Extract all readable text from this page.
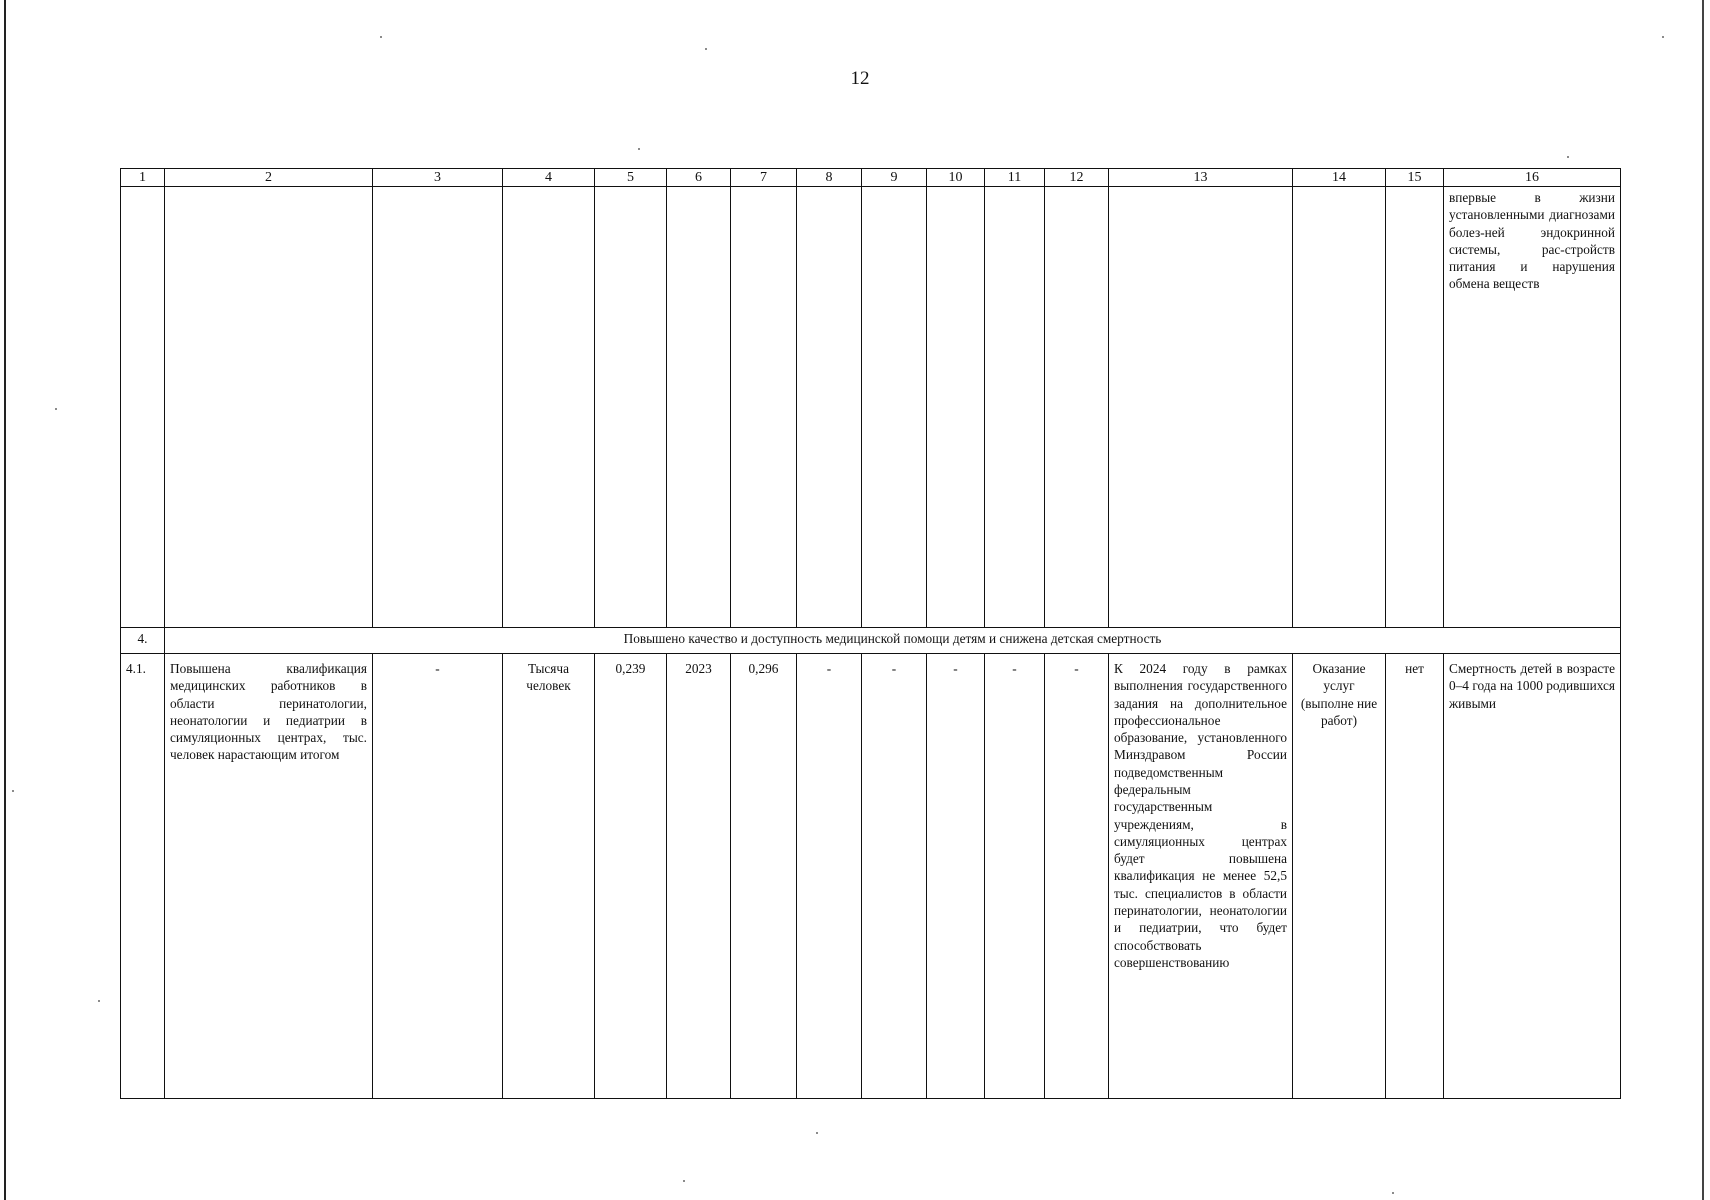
12
1	2	3	4	5	6	7	8	9	10	11	12	13	14	15	16
															впервые в жизни установленными диагнозами болез-ней эндокринной системы, рас-стройств питания и нарушения обмена веществ
4.	Повышено качество и доступность медицинской помощи детям и снижена детская смертность														
4.1.	Повышена квалификация медицинских работников в области перинатологии, неонатологии и педиатрии в симуляционных центрах, тыс. человек нарастающим итогом	-	Тысяча человек	0,239	2023	0,296	-	-	-	-	-	К 2024 году в рамках выполнения государственного задания на дополнительное профессиональное образование, установленного Минздравом России подведомственным федеральным государственным учреждениям, в симуляционных центрах будет повышена квалификация не менее 52,5 тыс. специалистов в области перинатологии, неонатологии и педиатрии, что будет способствовать совершенствованию	Оказание услуг (выполне ние работ)	нет	Смертность детей в возрасте 0–4 года на 1000 родившихся живыми
